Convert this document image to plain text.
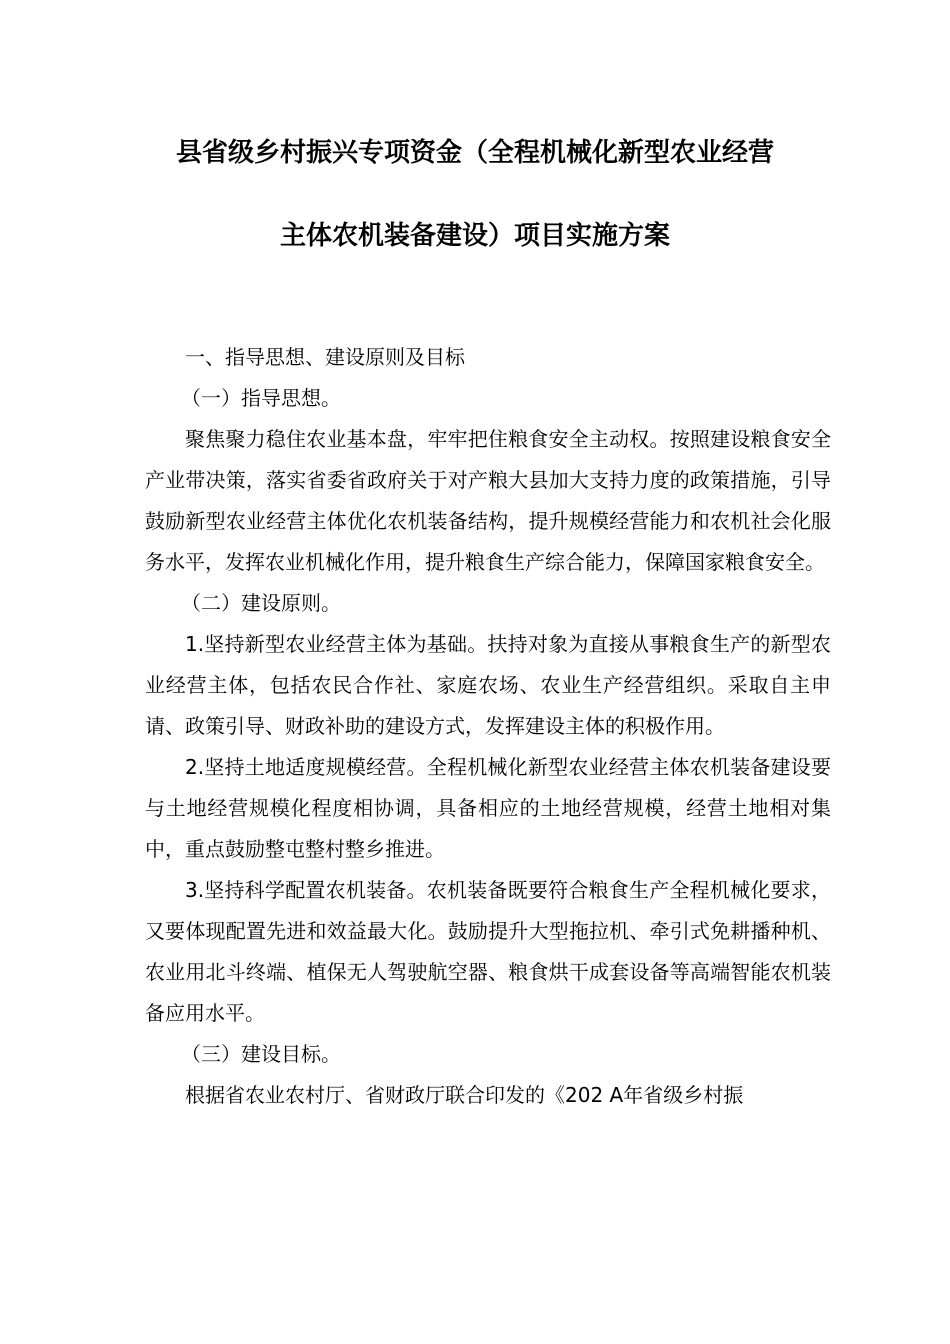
县省级乡村振兴专项资金（全程机械化新型农业经营
主体农机装备建设）项目实施方案

一、指导思想、建设原则及目标

（一）指导思想。

聚焦聚力稳住农业基本盘，牢牢把住粮食安全主动权。按照建设粮食安全产业带决策，落实省委省政府关于对产粮大县加大支持力度的政策措施，引导鼓励新型农业经营主体优化农机装备结构，提升规模经营能力和农机社会化服务水平，发挥农业机械化作用，提升粮食生产综合能力，保障国家粮食安全。

（二）建设原则。

1.坚持新型农业经营主体为基础。扶持对象为直接从事粮食生产的新型农业经营主体，包括农民合作社、家庭农场、农业生产经营组织。采取自主申请、政策引导、财政补助的建设方式，发挥建设主体的积极作用。

2.坚持土地适度规模经营。全程机械化新型农业经营主体农机装备建设要与土地经营规模化程度相协调，具备相应的土地经营规模，经营土地相对集中，重点鼓励整屯整村整乡推进。

3.坚持科学配置农机装备。农机装备既要符合粮食生产全程机械化要求，又要体现配置先进和效益最大化。鼓励提升大型拖拉机、牵引式免耕播种机、农业用北斗终端、植保无人驾驶航空器、粮食烘干成套设备等高端智能农机装备应用水平。

（三）建设目标。

根据省农业农村厅、省财政厅联合印发的《202 A年省级乡村振
